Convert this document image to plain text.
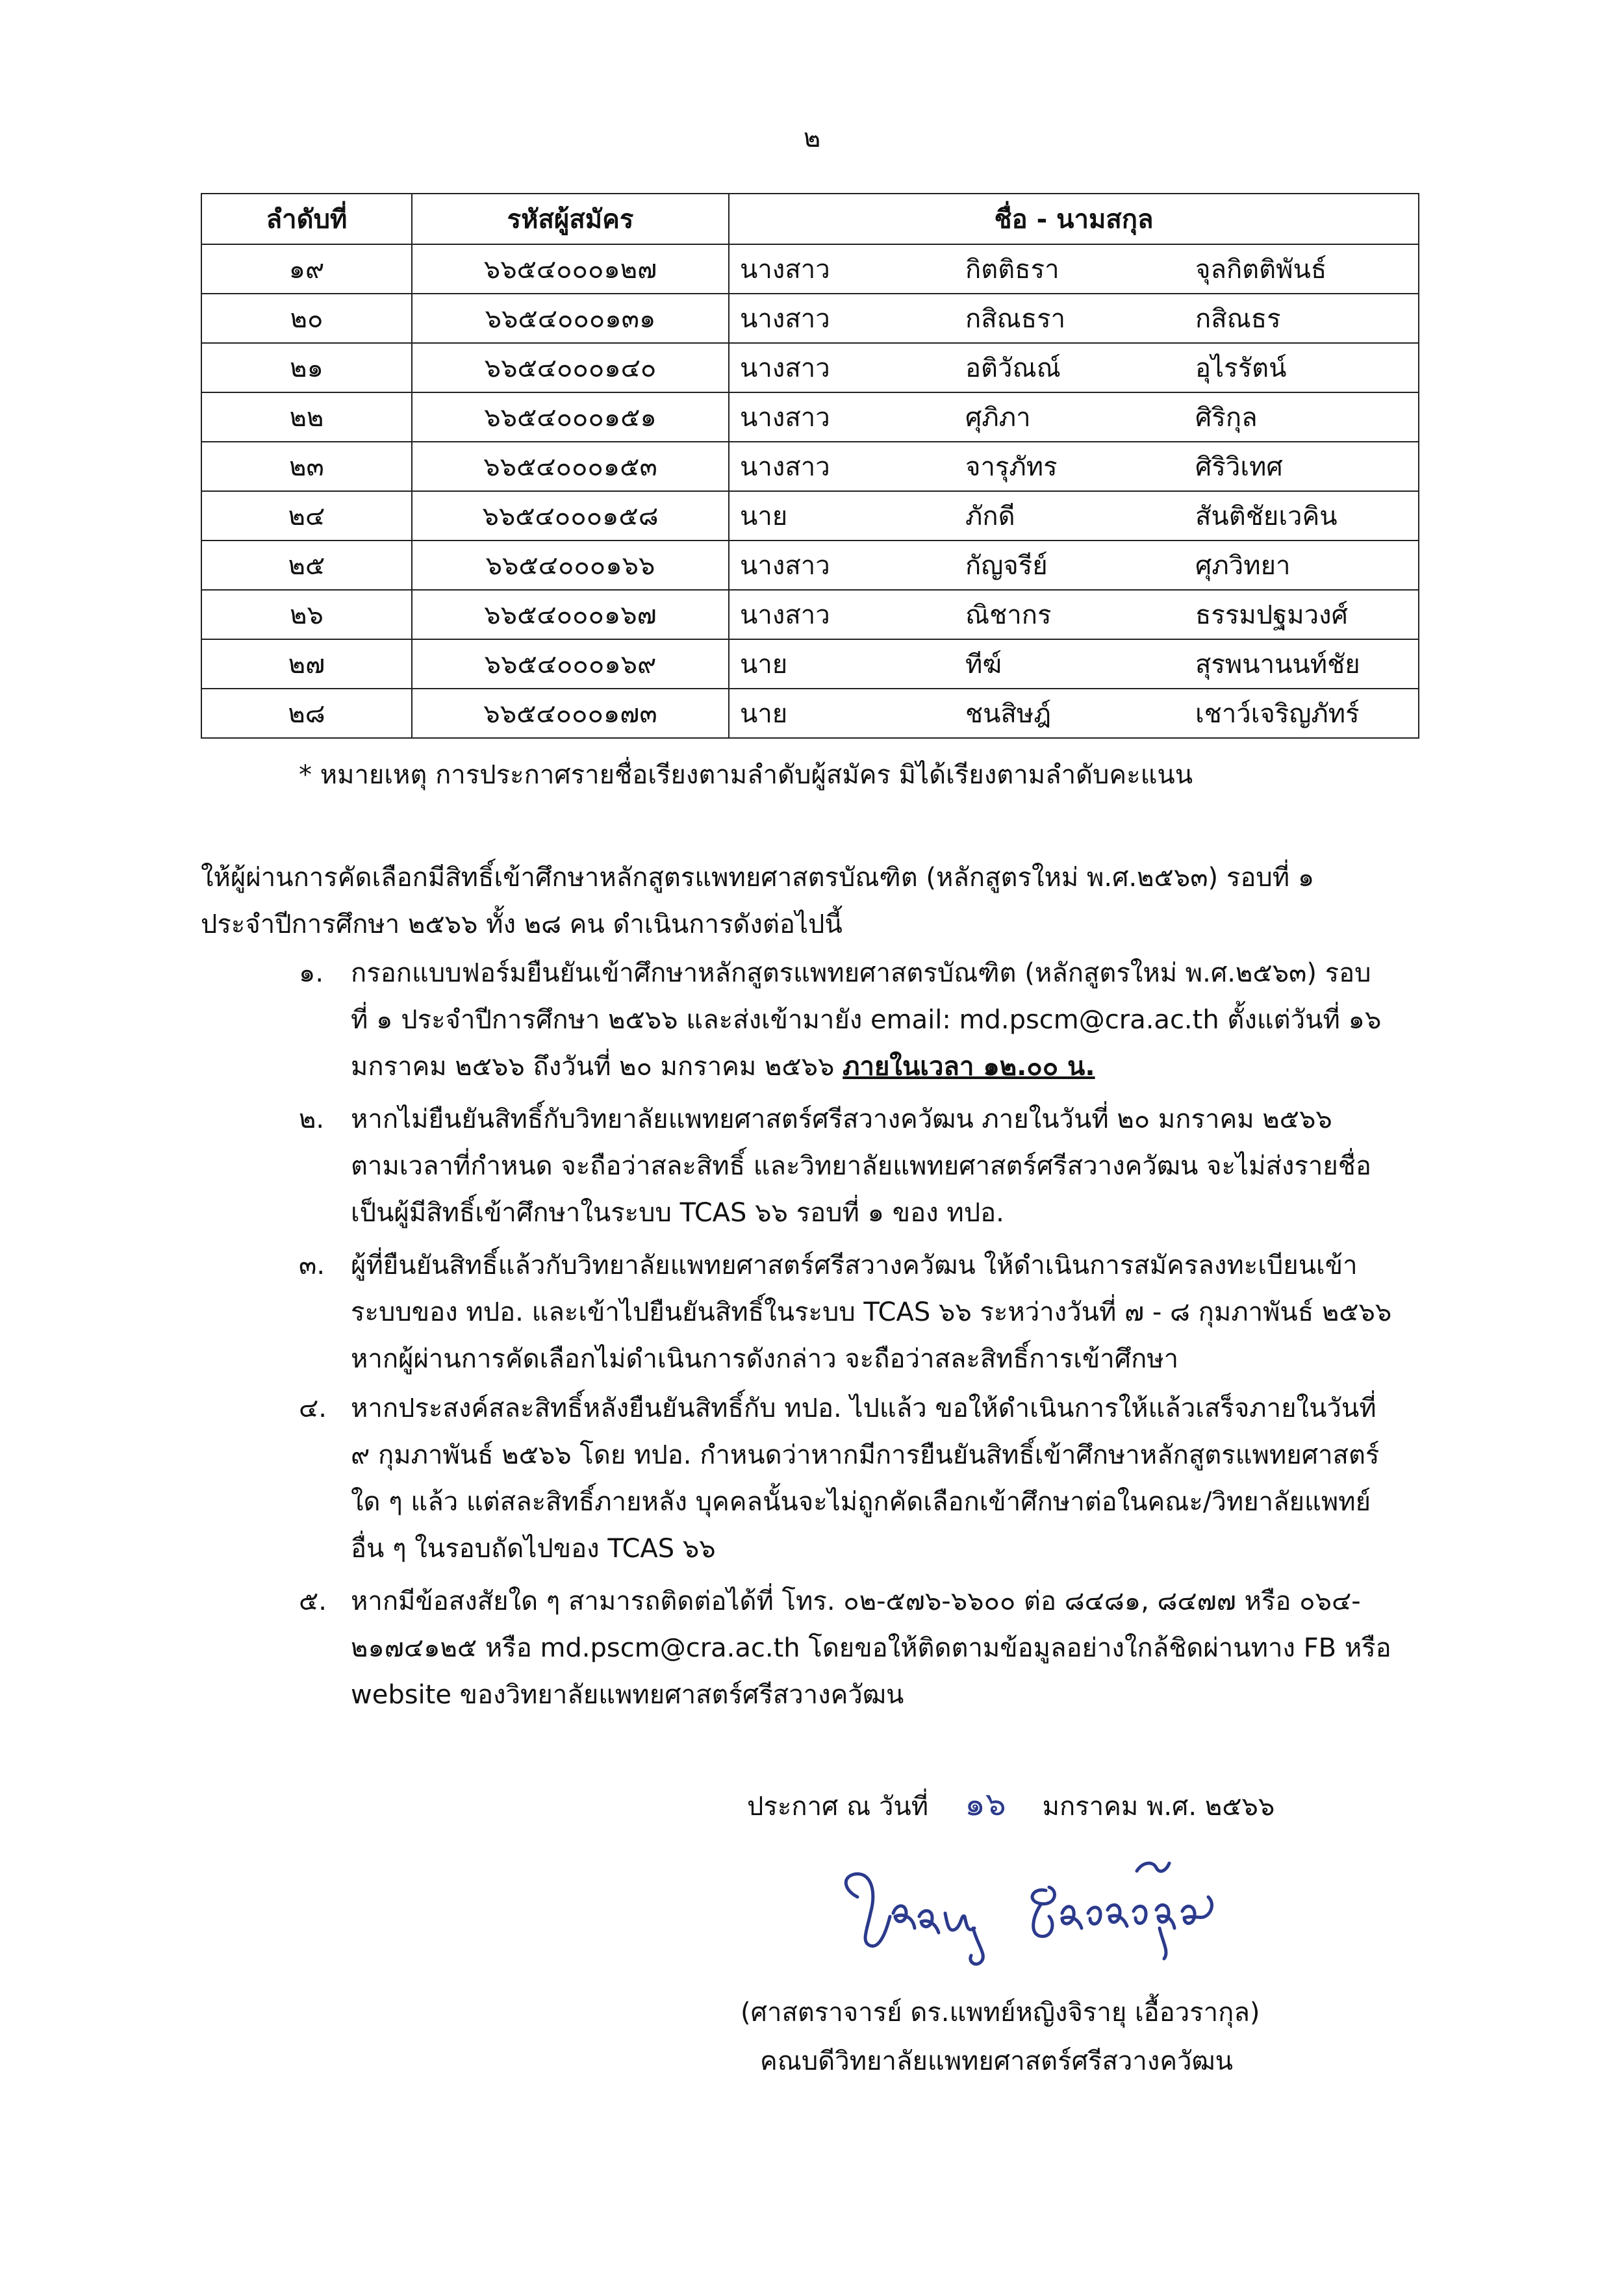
๒
ลำดับที่	รหัสผู้สมัคร	ชื่อ - นามสกุล		
๑๙	๖๖๕๔๐๐๐๑๒๗	นางสาว	กิตติธรา	จุลกิตติพันธ์
๒๐	๖๖๕๔๐๐๐๑๓๑	นางสาว	กสิณธรา	กสิณธร
๒๑	๖๖๕๔๐๐๐๑๔๐	นางสาว	อติวัณณ์	อุไรรัตน์
๒๒	๖๖๕๔๐๐๐๑๕๑	นางสาว	ศุภิภา	ศิริกุล
๒๓	๖๖๕๔๐๐๐๑๕๓	นางสาว	จารุภัทร	ศิริวิเทศ
๒๔	๖๖๕๔๐๐๐๑๕๘	นาย	ภักดี	สันติชัยเวคิน
๒๕	๖๖๕๔๐๐๐๑๖๖	นางสาว	กัญจรีย์	ศุภวิทยา
๒๖	๖๖๕๔๐๐๐๑๖๗	นางสาว	ณิชากร	ธรรมปฐมวงศ์
๒๗	๖๖๕๔๐๐๐๑๖๙	นาย	ทีฆ์	สุรพนานนท์ชัย
๒๘	๖๖๕๔๐๐๐๑๗๓	นาย	ชนสิษฎ์	เชาว์เจริญภัทร์
* หมายเหตุ การประกาศรายชื่อเรียงตามลำดับผู้สมัคร มิได้เรียงตามลำดับคะแนน
ให้ผู้ผ่านการคัดเลือกมีสิทธิ์เข้าศึกษาหลักสูตรแพทยศาสตรบัณฑิต (หลักสูตรใหม่ พ.ศ.๒๕๖๓) รอบที่ ๑
ประจำปีการศึกษา ๒๕๖๖ ทั้ง ๒๘ คน ดำเนินการดังต่อไปนี้
๑.	กรอกแบบฟอร์มยืนยันเข้าศึกษาหลักสูตรแพทยศาสตรบัณฑิต (หลักสูตรใหม่ พ.ศ.๒๕๖๓) รอบ
ที่ ๑ ประจำปีการศึกษา ๒๕๖๖ และส่งเข้ามายัง email: md.pscm@cra.ac.th ตั้งแต่วันที่ ๑๖
มกราคม ๒๕๖๖ ถึงวันที่ ๒๐ มกราคม ๒๕๖๖ ภายในเวลา ๑๒.๐๐ น.
๒.	หากไม่ยืนยันสิทธิ์กับวิทยาลัยแพทยศาสตร์ศรีสวางควัฒน ภายในวันที่ ๒๐ มกราคม ๒๕๖๖
ตามเวลาที่กำหนด จะถือว่าสละสิทธิ์ และวิทยาลัยแพทยศาสตร์ศรีสวางควัฒน จะไม่ส่งรายชื่อ
เป็นผู้มีสิทธิ์เข้าศึกษาในระบบ TCAS ๖๖ รอบที่ ๑ ของ ทปอ.
๓. ผู้ที่ยืนยันสิทธิ์แล้วกับวิทยาลัยแพทยศาสตร์ศรีสวางควัฒน ให้ดำเนินการสมัครลงทะเบียนเข้า
ระบบของ ทปอ. และเข้าไปยืนยันสิทธิ์ในระบบ TCAS ๖๖ ระหว่างวันที่ ๗ - ๘ กุมภาพันธ์ ๒๕๖๖
หากผู้ผ่านการคัดเลือกไม่ดำเนินการดังกล่าว จะถือว่าสละสิทธิ์การเข้าศึกษา
๔. หากประสงค์สละสิทธิ์หลังยืนยันสิทธิ์กับ ทปอ. ไปแล้ว ขอให้ดำเนินการให้แล้วเสร็จภายในวันที่
๙ กุมภาพันธ์ ๒๕๖๖ โดย ทปอ. กำหนดว่าหากมีการยืนยันสิทธิ์เข้าศึกษาหลักสูตรแพทยศาสตร์
ใด ๆ แล้ว แต่สละสิทธิ์ภายหลัง บุคคลนั้นจะไม่ถูกคัดเลือกเข้าศึกษาต่อในคณะ/วิทยาลัยแพทย์
อื่น ๆ ในรอบถัดไปของ TCAS ๖๖
๕. หากมีข้อสงสัยใด ๆ สามารถติดต่อได้ที่ โทร. ๐๒-๕๗๖-๖๖๐๐ ต่อ ๘๔๘๑, ๘๔๗๗ หรือ ๐๖๔-
๒๑๗๔๑๒๕ หรือ md.pscm@cra.ac.th โดยขอให้ติดตามข้อมูลอย่างใกล้ชิดผ่านทาง FB หรือ
website ของวิทยาลัยแพทยศาสตร์ศรีสวางควัฒน
ประกาศ ณ วันที่ ๑๖ มกราคม พ.ศ. ๒๕๖๖
(ศาสตราจารย์ ดร.แพทย์หญิงจิรายุ เอื้อวรากุล)
คณบดีวิทยาลัยแพทยศาสตร์ศรีสวางควัฒน
